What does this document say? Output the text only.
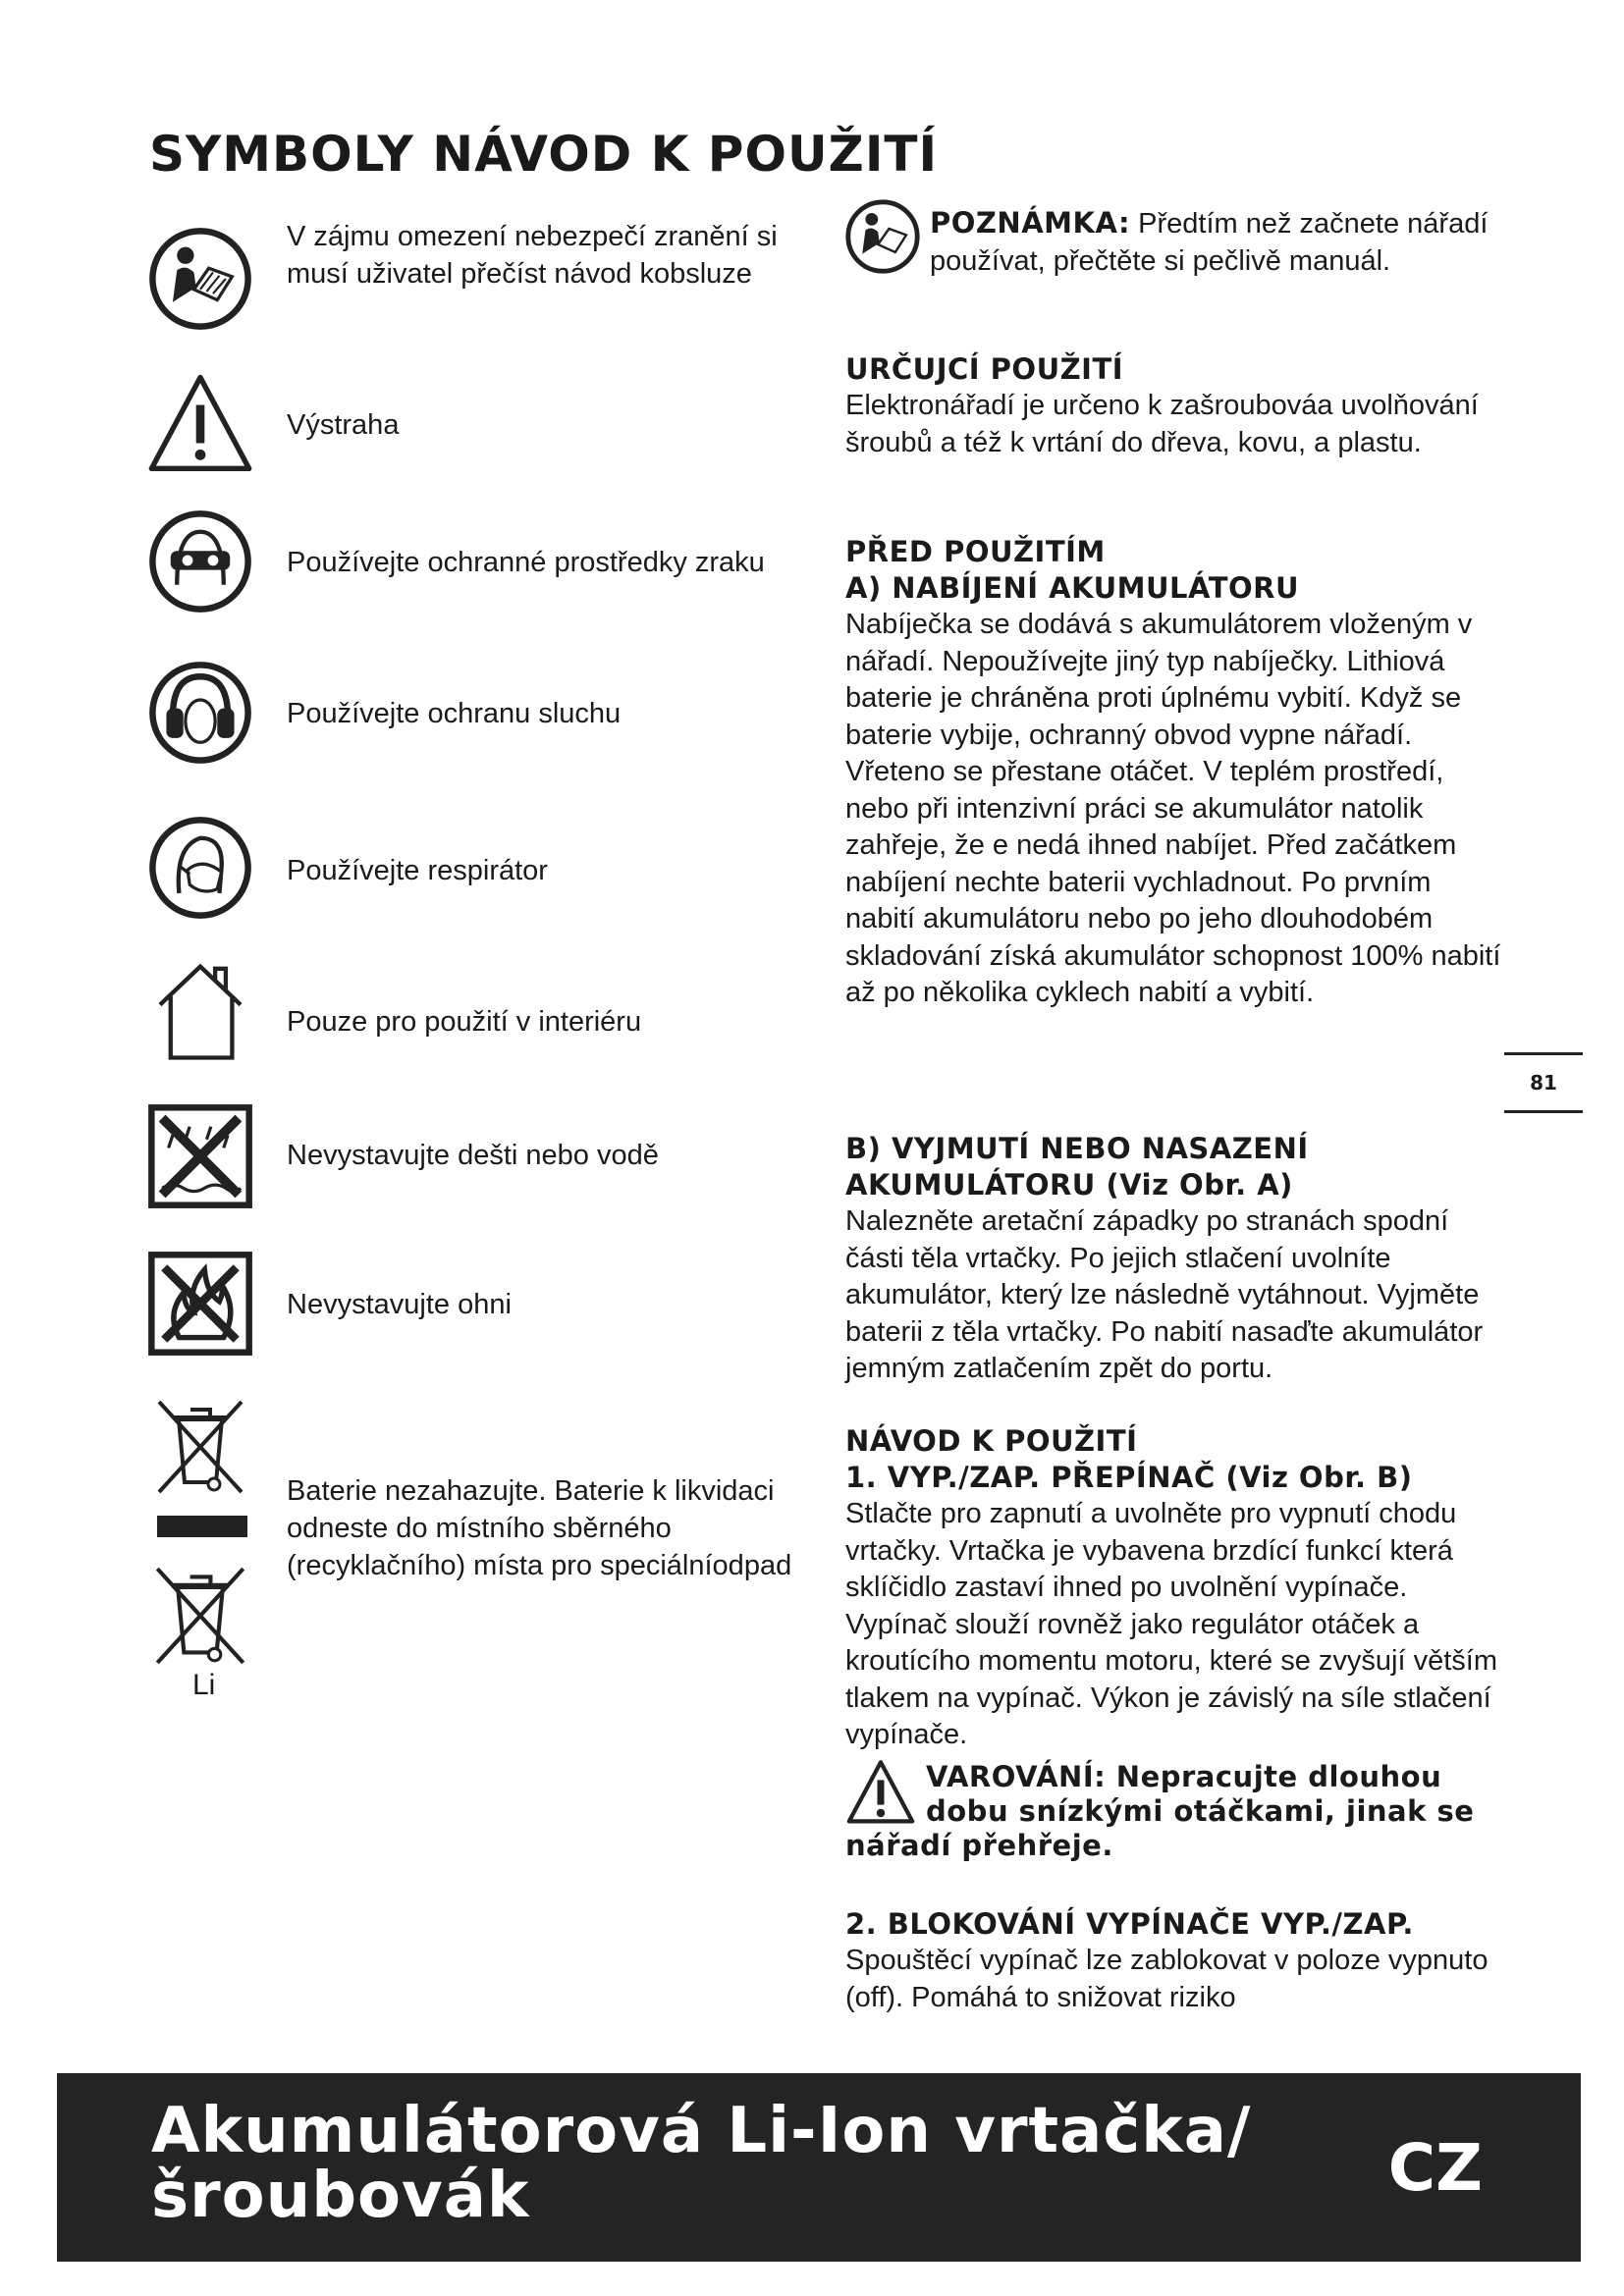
SYMBOLY NÁVOD K POUŽITÍ
V zájmu omezení nebezpečí zranění si musí uživatel přečíst návod kobsluze
Výstraha
Používejte ochranné prostředky zraku
Používejte ochranu sluchu
Používejte respirátor
Pouze pro použití v interiéru
Nevystavujte dešti nebo vodě
Nevystavujte ohni
Li
Baterie nezahazujte. Baterie k likvidaci odneste do místního sběrného (recyklačního) místa pro speciálníodpad

POZNÁMKA: Předtím než začnete nářadí používat, přečtěte si pečlivě manuál.

URČUJCÍ POUŽITÍ

Elektronářadí je určeno k zašroubováa uvolňování šroubů a též k vrtání do dřeva, kovu, a plastu.

PŘED POUŽITÍM

A) NABÍJENÍ AKUMULÁTORU

Nabíječka se dodává s akumulátorem vloženým v nářadí. Nepoužívejte jiný typ nabíječky. Lithiová baterie je chráněna proti úplnému vybití. Když se baterie vybije, ochranný obvod vypne nářadí. Vřeteno se přestane otáčet. V teplém prostředí, nebo při intenzivní práci se akumulátor natolik zahřeje, že e nedá ihned nabíjet. Před začátkem nabíjení nechte baterii vychladnout. Po prvním nabití akumulátoru nebo po jeho dlouhodobém skladování získá akumulátor schopnost 100% nabití až po několika cyklech nabití a vybití.

B) VYJMUTÍ NEBO NASAZENÍ AKUMULÁTORU (Viz Obr. A)

Nalezněte aretační západky po stranách spodní části těla vrtačky. Po jejich stlačení uvolníte akumulátor, který lze následně vytáhnout. Vyjměte baterii z těla vrtačky. Po nabití nasaďte akumulátor jemným zatlačením zpět do portu.

NÁVOD K POUŽITÍ

1. VYP./ZAP. PŘEPÍNAČ (Viz Obr. B)

Stlačte pro zapnutí a uvolněte pro vypnutí chodu vrtačky. Vrtačka je vybavena brzdící funkcí která sklíčidlo zastaví ihned po uvolnění vypínače. Vypínač slouží rovněž jako regulátor otáček a kroutícího momentu motoru, které se zvyšují větším tlakem na vypínač. Výkon je závislý na síle stlačení vypínače.

VAROVÁNÍ: Nepracujte dlouhou dobu snízkými otáčkami, jinak se nářadí přehřeje.

2. BLOKOVÁNÍ VYPÍNAČE VYP./ZAP.

Spouštěcí vypínač lze zablokovat v poloze vypnuto (off). Pomáhá to snižovat riziko

81
Akumulátorová Li-Ion vrtačka/
šroubovák	CZ
